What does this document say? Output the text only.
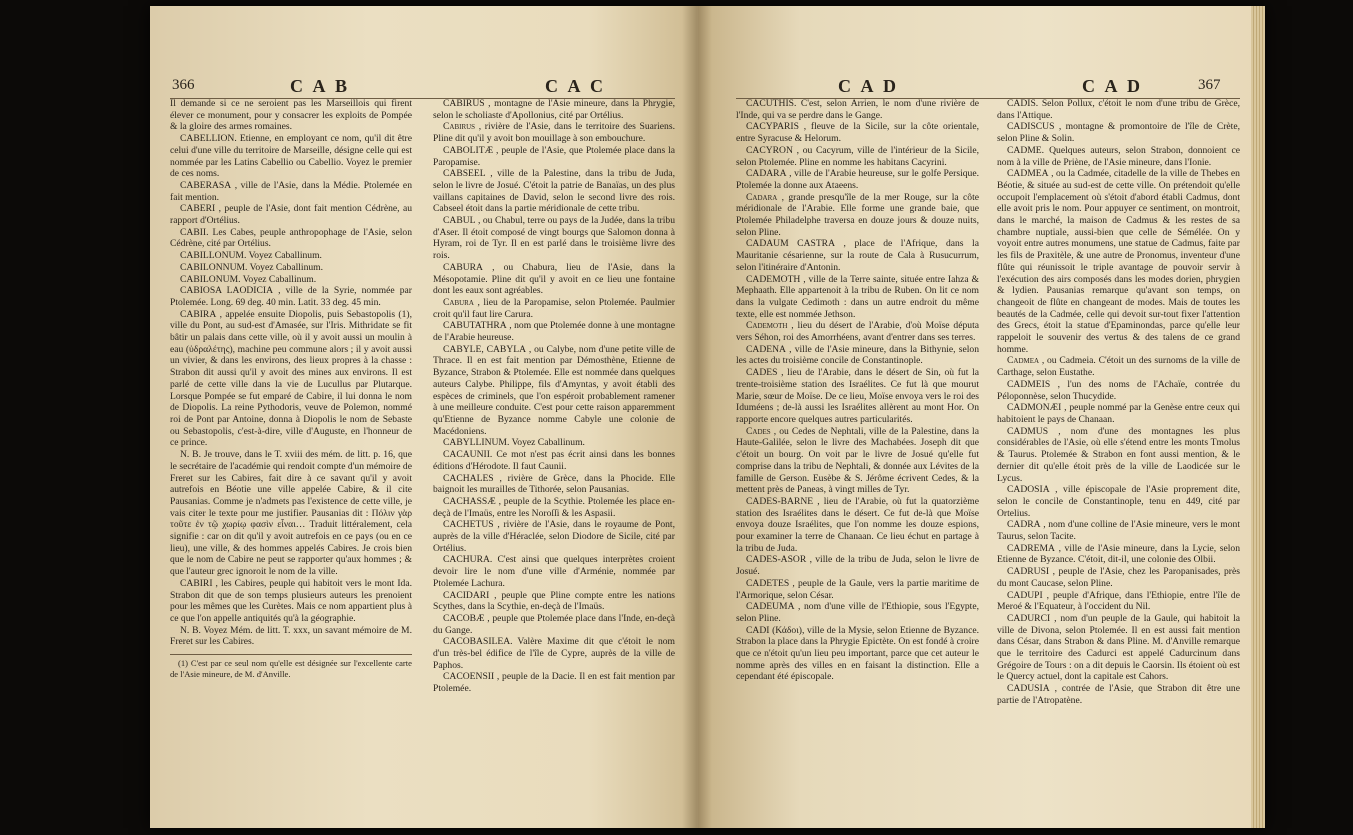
366	C A B	C A C

Il demande si ce ne seroient pas les Marseillois qui firent élever ce monument, pour y consacrer les exploits de Pompée & la gloire des armes romaines.

CABELLION. Etienne, en employant ce nom, qu'il dit être celui d'une ville du territoire de Marseille, désigne celle qui est nommée par les Latins Cabellio ou Cabellio. Voyez le premier de ces noms.

CABERASA , ville de l'Asie, dans la Médie. Ptolemée en fait mention.

CABERI , peuple de l'Asie, dont fait mention Cédrène, au rapport d'Ortélius.

CABII. Les Cabes, peuple anthropophage de l'Asie, selon Cédrène, cité par Ortélius.

CABILLONUM. Voyez Caballinum.

CABILONNUM. Voyez Caballinum.

CABILONUM. Voyez Caballinum.

CABIOSA LAODICIA , ville de la Syrie, nommée par Ptolemée. Long. 69 deg. 40 min. Latit. 33 deg. 45 min.

CABIRA , appelée ensuite Diopolis, puis Sebastopolis (1), ville du Pont, au sud-est d'Amasée, sur l'Iris. Mithridate se fit bâtir un palais dans cette ville, où il y avoit aussi un moulin à eau (ὑδραλέτης), machine peu commune alors ; il y avoit aussi un vivier, & dans les environs, des lieux propres à la chasse : Strabon dit aussi qu'il y avoit des mines aux environs. Il est parlé de cette ville dans la vie de Lucullus par Plutarque. Lorsque Pompée se fut emparé de Cabire, il lui donna le nom de Diopolis. La reine Pythodoris, veuve de Polemon, nommé roi de Pont par Antoine, donna à Diopolis le nom de Sebaste ou Sebastopolis, c'est-à-dire, ville d'Auguste, en l'honneur de ce prince.

N. B. Je trouve, dans le T. xviii des mém. de litt. p. 16, que le secrétaire de l'académie qui rendoit compte d'un mémoire de Freret sur les Cabires, fait dire à ce savant qu'il y avoit autrefois en Béotie une ville appelée Cabire, & il cite Pausanias. Comme je n'admets pas l'existence de cette ville, je vais citer le texte pour me justifier. Pausanias dit : Πόλιν γὰρ τοῦτε ἐν τῷ χωρίῳ φασὶν εἶναι… Traduit littéralement, cela signifie : car on dit qu'il y avoit autrefois en ce pays (ou en ce lieu), une ville, & des hommes appelés Cabires. Je crois bien que le nom de Cabire ne peut se rapporter qu'aux hommes ; & que l'auteur grec ignoroit le nom de la ville.

CABIRI , les Cabires, peuple qui habitoit vers le mont Ida. Strabon dit que de son temps plusieurs auteurs les prenoient pour les mêmes que les Curètes. Mais ce nom appartient plus à ce que l'on appelle antiquités qu'à la géographie.

N. B. Voyez Mém. de litt. T. xxx, un savant mémoire de M. Freret sur les Cabires.

(1) C'est par ce seul nom qu'elle est désignée sur l'excellente carte de l'Asie mineure, de M. d'Anville.

CABIRUS , montagne de l'Asie mineure, dans la Phrygie, selon le scholiaste d'Apollonius, cité par Ortélius.

Cabirus , rivière de l'Asie, dans le territoire des Suariens. Pline dit qu'il y avoit bon mouillage à son embouchure.

CABOLITÆ , peuple de l'Asie, que Ptolemée place dans la Paropamise.

CABSEEL , ville de la Palestine, dans la tribu de Juda, selon le livre de Josué. C'étoit la patrie de Banaïas, un des plus vaillans capitaines de David, selon le second livre des rois. Cabseel étoit dans la partie méridionale de cette tribu.

CABUL , ou Chabul, terre ou pays de la Judée, dans la tribu d'Aser. Il étoit composé de vingt bourgs que Salomon donna à Hyram, roi de Tyr. Il en est parlé dans le troisième livre des rois.

CABURA , ou Chabura, lieu de l'Asie, dans la Mésopotamie. Pline dit qu'il y avoit en ce lieu une fontaine dont les eaux sont agréables.

Cabura , lieu de la Paropamise, selon Ptolemée. Paulmier croit qu'il faut lire Carura.

CABUTATHRA , nom que Ptolemée donne à une montagne de l'Arabie heureuse.

CABYLE, CABYLA , ou Calybe, nom d'une petite ville de Thrace. Il en est fait mention par Démosthène, Etienne de Byzance, Strabon & Ptolemée. Elle est nommée dans quelques auteurs Calybe. Philippe, fils d'Amyntas, y avoit établi des espèces de criminels, que l'on espéroit probablement ramener à une meilleure conduite. C'est pour cette raison apparemment qu'Etienne de Byzance nomme Cabyle une colonie de Macédoniens.

CABYLLINUM. Voyez Caballinum.

CACAUNII. Ce mot n'est pas écrit ainsi dans les bonnes éditions d'Hérodote. Il faut Caunii.

CACHALES , rivière de Grèce, dans la Phocide. Elle baignoit les murailles de Tithorée, selon Pausanias.

CACHASSÆ , peuple de la Scythie. Ptolemée les place en-deçà de l'Imaüs, entre les Noroſſi & les Aspasii.

CACHETUS , rivière de l'Asie, dans le royaume de Pont, auprès de la ville d'Héraclée, selon Diodore de Sicile, cité par Ortélius.

CACHURA. C'est ainsi que quelques interprètes croient devoir lire le nom d'une ville d'Arménie, nommée par Ptolemée Lachura.

CACIDARI , peuple que Pline compte entre les nations Scythes, dans la Scythie, en-deçà de l'Imaüs.

CACOBÆ , peuple que Ptolemée place dans l'Inde, en-deçà du Gange.

CACOBASILEA. Valère Maxime dit que c'étoit le nom d'un très-bel édifice de l'île de Cypre, auprès de la ville de Paphos.

CACOENSII , peuple de la Dacie. Il en est fait mention par Ptolemée.

C A D	C A D	367

CACUTHIS. C'est, selon Arrien, le nom d'une rivière de l'Inde, qui va se perdre dans le Gange.

CACYPARIS , fleuve de la Sicile, sur la côte orientale, entre Syracuse & Helorum.

CACYRON , ou Cacyrum, ville de l'intérieur de la Sicile, selon Ptolemée. Pline en nomme les habitans Cacyrini.

CADARA , ville de l'Arabie heureuse, sur le golfe Persique. Ptolemée la donne aux Ataeens.

Cadara , grande presqu'île de la mer Rouge, sur la côte méridionale de l'Arabie. Elle forme une grande baie, que Ptolemée Philadelphe traversa en douze jours & douze nuits, selon Pline.

CADAUM CASTRA , place de l'Afrique, dans la Mauritanie césarienne, sur la route de Cala à Rusucurrum, selon l'itinéraire d'Antonin.

CADEMOTH , ville de la Terre sainte, située entre Iahza & Mephaath. Elle appartenoit à la tribu de Ruben. On lit ce nom dans la vulgate Cedimoth : dans un autre endroit du même texte, elle est nommée Jethson.

Cademoth , lieu du désert de l'Arabie, d'où Moïse députa vers Séhon, roi des Amorrhéens, avant d'entrer dans ses terres.

CADENA , ville de l'Asie mineure, dans la Bithynie, selon les actes du troisième concile de Constantinople.

CADES , lieu de l'Arabie, dans le désert de Sin, où fut la trente-troisième station des Israélites. Ce fut là que mourut Marie, sœur de Moïse. De ce lieu, Moïse envoya vers le roi des Iduméens ; de-là aussi les Israélites allèrent au mont Hor. On rapporte encore quelques autres particularités.

Cades , ou Cedes de Nephtali, ville de la Palestine, dans la Haute-Galilée, selon le livre des Machabées. Joseph dit que c'étoit un bourg. On voit par le livre de Josué qu'elle fut comprise dans la tribu de Nephtali, & donnée aux Lévites de la famille de Gerson. Eusèbe & S. Jérôme écrivent Cedes, & la mettent près de Paneas, à vingt milles de Tyr.

CADES-BARNE , lieu de l'Arabie, où fut la quatorzième station des Israélites dans le désert. Ce fut de-là que Moïse envoya douze Israélites, que l'on nomme les douze espions, pour examiner la terre de Chanaan. Ce lieu échut en partage à la tribu de Juda.

CADES-ASOR , ville de la tribu de Juda, selon le livre de Josué.

CADETES , peuple de la Gaule, vers la partie maritime de l'Armorique, selon César.

CADEUMA , nom d'une ville de l'Ethiopie, sous l'Egypte, selon Pline.

CADI (Κάδοι), ville de la Mysie, selon Etienne de Byzance. Strabon la place dans la Phrygie Epictète. On est fondé à croire que ce n'étoit qu'un lieu peu important, parce que cet auteur le nomme après des villes en en faisant la distinction. Elle a cependant été épiscopale.

CADIS. Selon Pollux, c'étoit le nom d'une tribu de Grèce, dans l'Attique.

CADISCUS , montagne & promontoire de l'île de Crète, selon Pline & Solin.

CADME. Quelques auteurs, selon Strabon, donnoient ce nom à la ville de Priène, de l'Asie mineure, dans l'Ionie.

CADMEA , ou la Cadmée, citadelle de la ville de Thebes en Béotie, & située au sud-est de cette ville. On prétendoit qu'elle occupoit l'emplacement où s'étoit d'abord établi Cadmus, dont elle avoit pris le nom. Pour appuyer ce sentiment, on montroit, dans le marché, la maison de Cadmus & les restes de sa chambre nuptiale, aussi-bien que celle de Sémélée. On y voyoit entre autres monumens, une statue de Cadmus, faite par les fils de Praxitèle, & une autre de Pronomus, inventeur d'une flûte qui réunissoit le triple avantage de pouvoir servir à l'exécution des airs composés dans les modes dorien, phrygien & lydien. Pausanias remarque qu'avant son temps, on changeoit de flûte en changeant de modes. Mais de toutes les beautés de la Cadmée, celle qui devoit sur-tout fixer l'attention des Grecs, étoit la statue d'Epaminondas, parce qu'elle leur rappeloit le souvenir des vertus & des talens de ce grand homme.

Cadmea , ou Cadmeia. C'étoit un des surnoms de la ville de Carthage, selon Eustathe.

CADMEIS , l'un des noms de l'Achaïe, contrée du Péloponnèse, selon Thucydide.

CADMONÆI , peuple nommé par la Genèse entre ceux qui habitoient le pays de Chanaan.

CADMUS , nom d'une des montagnes les plus considérables de l'Asie, où elle s'étend entre les monts Tmolus & Taurus. Ptolemée & Strabon en font aussi mention, & le dernier dit qu'elle étoit près de la ville de Laodicée sur le Lycus.

CADOSIA , ville épiscopale de l'Asie proprement dite, selon le concile de Constantinople, tenu en 449, cité par Ortelius.

CADRA , nom d'une colline de l'Asie mineure, vers le mont Taurus, selon Tacite.

CADREMA , ville de l'Asie mineure, dans la Lycie, selon Etienne de Byzance. C'étoit, dit-il, une colonie des Olbii.

CADRUSI , peuple de l'Asie, chez les Paropanisades, près du mont Caucase, selon Pline.

CADUPI , peuple d'Afrique, dans l'Ethiopie, entre l'île de Meroé & l'Equateur, à l'occident du Nil.

CADURCI , nom d'un peuple de la Gaule, qui habitoit la ville de Divona, selon Ptolemée. Il en est aussi fait mention dans César, dans Strabon & dans Pline. M. d'Anville remarque que le territoire des Cadurci est appelé Cadurcinum dans Grégoire de Tours : on a dit depuis le Caorsin. Ils étoient où est le Quercy actuel, dont la capitale est Cahors.

CADUSIA , contrée de l'Asie, que Strabon dit être une partie de l'Atropatène.
